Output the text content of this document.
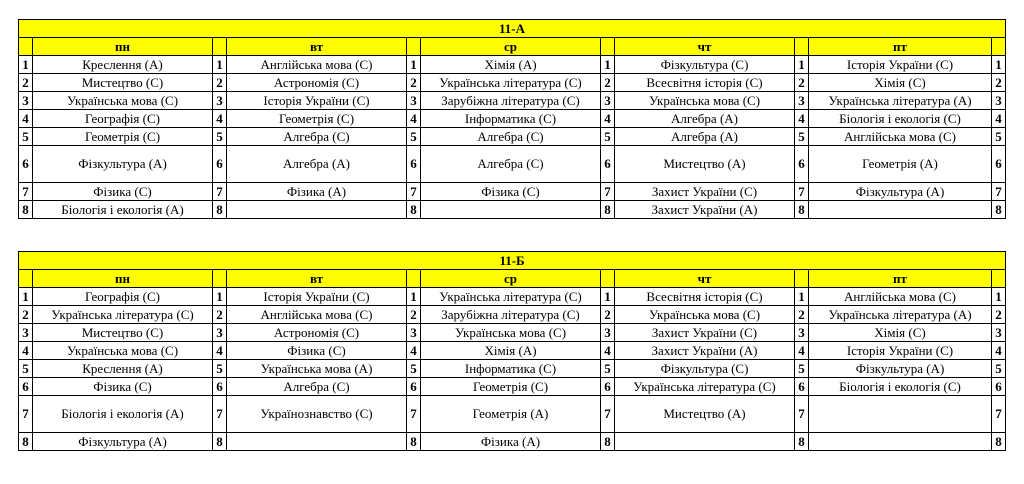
11-А										
	пн		вт		ср		чт		пт	
1	Креслення (А)	1	Англійська мова (С)	1	Хімія (А)	1	Фізкультура (С)	1	Історія України (С)	1
2	Мистецтво (С)	2	Астрономія (С)	2	Українська література (С)	2	Всесвітня історія (С)	2	Хімія (С)	2
3	Українська мова (С)	3	Історія України (С)	3	Зарубіжна література (С)	3	Українська мова (С)	3	Українська література (А)	3
4	Географія (С)	4	Геометрія (С)	4	Інформатика (С)	4	Алгебра (А)	4	Біологія і екологія (С)	4
5	Геометрія (С)	5	Алгебра (С)	5	Алгебра (С)	5	Алгебра (А)	5	Англійська мова (С)	5
6	Фізкультура (А)	6	Алгебра (А)	6	Алгебра (С)	6	Мистецтво (А)	6	Геометрія (А)	6
7	Фізика (С)	7	Фізика (А)	7	Фізика (С)	7	Захист України (С)	7	Фізкультура (А)	7
8	Біологія і екологія (А)	8		8		8	Захист України (А)	8		8
11-Б										
	пн		вт		ср		чт		пт	
1	Географія (С)	1	Історія України (С)	1	Українська література (С)	1	Всесвітня історія (С)	1	Англійська мова (С)	1
2	Українська література (С)	2	Англійська мова (С)	2	Зарубіжна література (С)	2	Українська мова (С)	2	Українська література (А)	2
3	Мистецтво (С)	3	Астрономія (С)	3	Українська мова (С)	3	Захист України (С)	3	Хімія (С)	3
4	Українська мова (С)	4	Фізика (С)	4	Хімія (А)	4	Захист України (А)	4	Історія України (С)	4
5	Креслення (А)	5	Українська мова (А)	5	Інформатика (С)	5	Фізкультура (С)	5	Фізкультура (А)	5
6	Фізика (С)	6	Алгебра (С)	6	Геометрія (С)	6	Українська література (С)	6	Біологія і екологія (С)	6
7	Біологія і екологія (А)	7	Українознавство (С)	7	Геометрія (А)	7	Мистецтво (А)	7		7
8	Фізкультура (А)	8		8	Фізика (А)	8		8		8
